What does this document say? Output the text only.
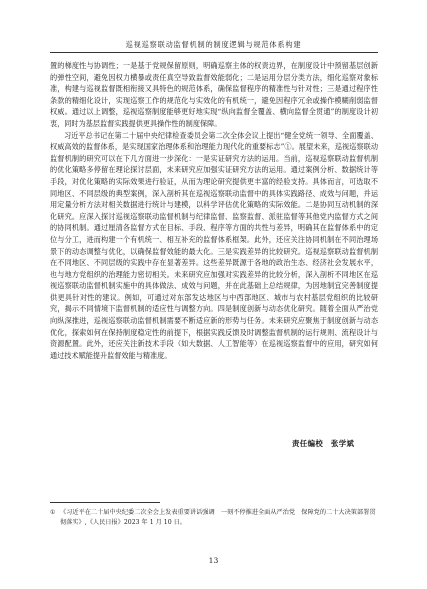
巡视巡察联动监督机制的制度逻辑与规范体系构建

置的梯度性与协调性；一是基于党规保留原则，明确巡察主体的权责边界，在制度设计中预留基层创新的弹性空间，避免因权力横暴或责任真空导致监督效能弱化；二是运用分层分类方法，细化巡察对象标准，构建与巡视监督既相衔接又具特色的规范体系，确保监督程序的精准性与针对性；三是通过程序性条款的精细化设计，实现巡察工作的规范化与实效化的有机统一，避免因程序冗余或操作模糊削弱监督权威。通过以上调整，巡视巡察制度能够更好地实现“纵向监督全覆盖、横向监督全贯通”的制度设计初衷，同时为基层监督实践提供更具操作性的制度保障。

习近平总书记在第二十届中央纪律检查委员会第二次全体会议上提出“健全党统一领导、全面覆盖、权威高效的监督体系，是实现国家治理体系和治理能力现代化的重要标志”①。展望未来，巡视巡察联动监督机制的研究可以在下几方面进一步深化：一是实证研究方法的运用。当前，巡视巡察联动监督机制的优化策略多停留在理论探讨层面，未来研究应加强实证研究方法的运用。通过案例分析、数据统计等手段，对优化策略的实际效果进行验证，从而为理论研究提供更丰富的经验支持。具体而言，可选取不同地区、不同层级的典型案例，深入剖析其在巡视巡察联动监督中的具体实践路径、成效与问题，并运用定量分析方法对相关数据进行统计与建模，以科学评估优化策略的实际效能。二是协同互动机制的深化研究。应深入探讨巡视巡察联动监督机制与纪律监督、监察监督、派驻监督等其他党内监督方式之间的协同机制。通过厘清各监督方式在目标、手段、程序等方面的共性与差异，明确其在监督体系中的定位与分工，进而构建一个有机统一、相互补充的监督体系框架。此外，还应关注协同机制在不同治理场景下的动态调整与优化，以确保监督效能的最大化。三是实践差异的比较研究。巡视巡察联动监督机制在不同地区、不同层级的实践中存在显著差异。这些差异既源于各地的政治生态、经济社会发展水平，也与地方党组织的治理能力密切相关。未来研究应加强对实践差异的比较分析，深入剖析不同地区在巡视巡察联动监督机制实施中的具体做法、成效与问题，并在此基础上总结规律，为因地制宜完善制度提供更具针对性的建议。例如，可通过对东部发达地区与中西部地区、城市与农村基层党组织的比较研究，揭示不同情境下监督机制的适应性与调整方向。四是制度创新与动态优化研究。随着全面从严治党向纵深推进，巡视巡察联动监督机制需要不断适应新的形势与任务。未来研究应聚焦于制度创新与动态优化，探索如何在保持制度稳定性的前提下，根据实践反馈及时调整监督机制的运行规则、流程设计与资源配置。此外，还应关注新技术手段（如大数据、人工智能等）在巡视巡察监督中的应用，研究如何通过技术赋能提升监督效能与精准度。

责任编校　张学斌
① 《习近平在二十届中央纪委二次全会上发表重要讲话强调　一刻不停推进全面从严治党　保障党的二十大决策部署贯
彻落实》,《人民日报》2023 年 1 月 10 日。
13
